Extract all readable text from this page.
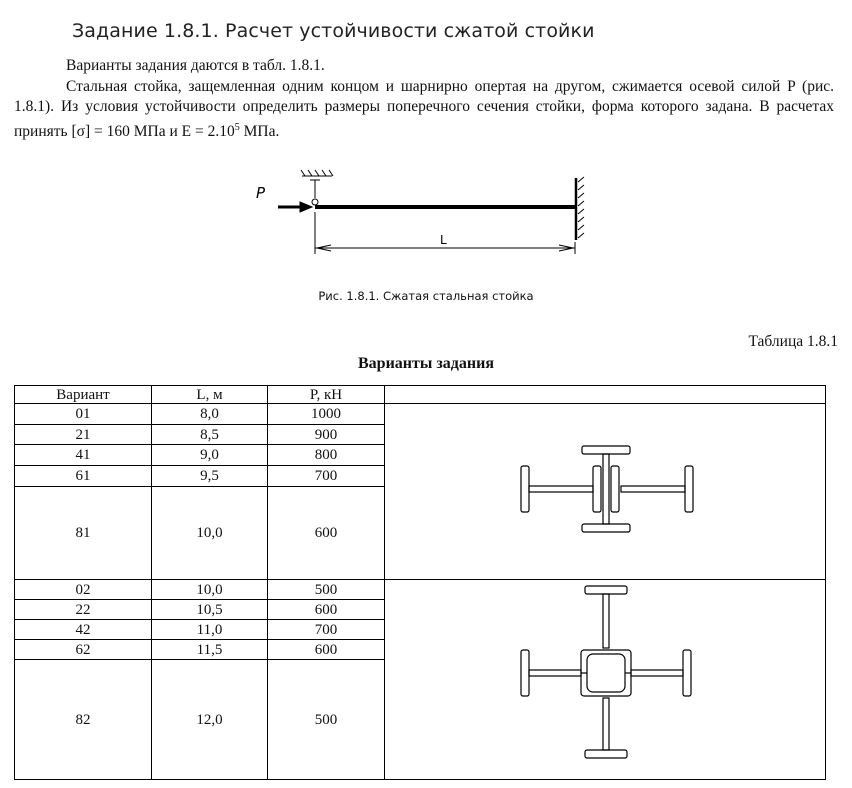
Задание 1.8.1. Расчет устойчивости сжатой стойки
Варианты задания даются в табл. 1.8.1.
Стальная стойка, защемленная одним концом и шарнирно опертая на другом, сжимается осевой силой P (рис. 1.8.1). Из условия устойчивости определить размеры поперечного сечения стойки, форма которого задана. В расчетах принять [σ] = 160 МПа и $E = 2.10^5$ МПа.
P
L
Рис. 1.8.1. Сжатая стальная стойка
Таблица 1.8.1
Варианты задания
Вариант	L, м	P, кН	
01	8,0	1000	
21	8,5	900	
41	9,0	800	
61	9,5	700	
81	10,0	600	
02	10,0	500	
22	10,5	600	
42	11,0	700	
62	11,5	600	
82	12,0	500	
